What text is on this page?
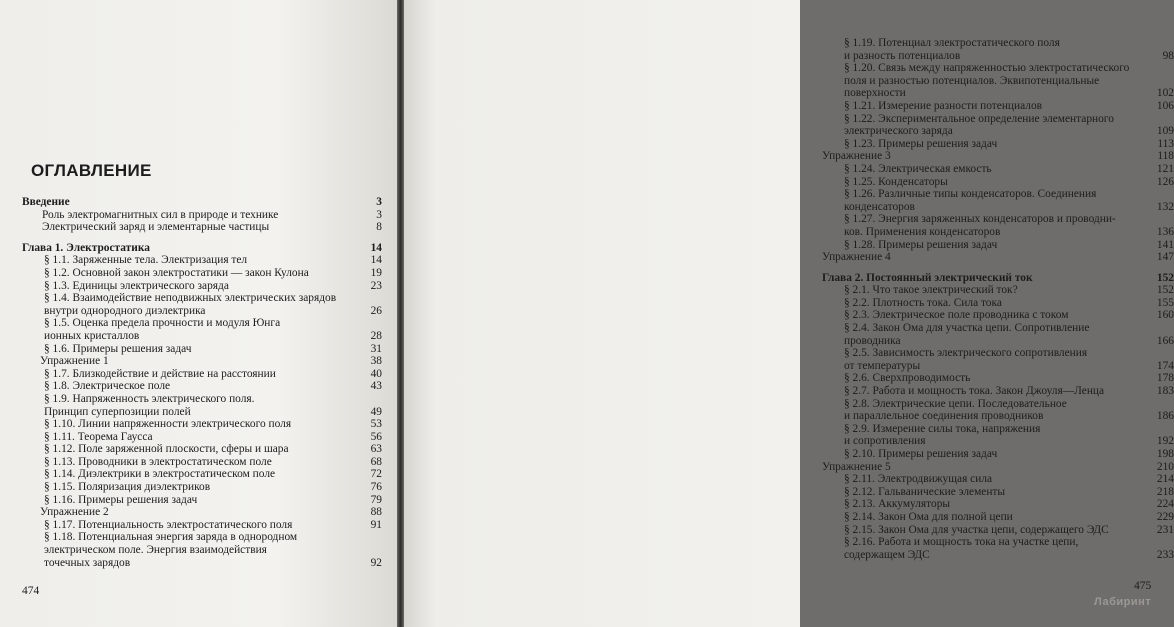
ОГЛАВЛЕНИЕ
Введение	3
Роль электромагнитных сил в природе и технике	3
Электрический заряд и элементарные частицы	8
Глава 1. Электростатика	14
§ 1.1. Заряженные тела. Электризация тел	14
§ 1.2. Основной закон электростатики — закон Кулона	19
§ 1.3. Единицы электрического заряда	23
§ 1.4. Взаимодействие неподвижных электрических зарядов
внутри однородного диэлектрика	26
§ 1.5. Оценка предела прочности и модуля Юнга
ионных кристаллов	28
§ 1.6. Примеры решения задач	31
Упражнение 1	38
§ 1.7. Близкодействие и действие на расстоянии	40
§ 1.8. Электрическое поле	43
§ 1.9. Напряженность электрического поля.
Принцип суперпозиции полей	49
§ 1.10. Линии напряженности электрического поля	53
§ 1.11. Теорема Гаусса	56
§ 1.12. Поле заряженной плоскости, сферы и шара	63
§ 1.13. Проводники в электростатическом поле	68
§ 1.14. Диэлектрики в электростатическом поле	72
§ 1.15. Поляризация диэлектриков	76
§ 1.16. Примеры решения задач	79
Упражнение 2	88
§ 1.17. Потенциальность электростатического поля	91
§ 1.18. Потенциальная энергия заряда в однородном
электрическом поле. Энергия взаимодействия
точечных зарядов	92
474
§ 1.19. Потенциал электростатического поля
и разность потенциалов	98
§ 1.20. Связь между напряженностью электростатического
поля и разностью потенциалов. Эквипотенциальные
поверхности	102
§ 1.21. Измерение разности потенциалов	106
§ 1.22. Экспериментальное определение элементарного
электрического заряда	109
§ 1.23. Примеры решения задач	113
Упражнение 3	118
§ 1.24. Электрическая емкость	121
§ 1.25. Конденсаторы	126
§ 1.26. Различные типы конденсаторов. Соединения
конденсаторов	132
§ 1.27. Энергия заряженных конденсаторов и проводни-
ков. Применения конденсаторов	136
§ 1.28. Примеры решения задач	141
Упражнение 4	147
Глава 2. Постоянный электрический ток	152
§ 2.1. Что такое электрический ток?	152
§ 2.2. Плотность тока. Сила тока	155
§ 2.3. Электрическое поле проводника с током	160
§ 2.4. Закон Ома для участка цепи. Сопротивление
проводника	166
§ 2.5. Зависимость электрического сопротивления
от температуры	174
§ 2.6. Сверхпроводимость	178
§ 2.7. Работа и мощность тока. Закон Джоуля—Ленца	183
§ 2.8. Электрические цепи. Последовательное
и параллельное соединения проводников	186
§ 2.9. Измерение силы тока, напряжения
и сопротивления	192
§ 2.10. Примеры решения задач	198
Упражнение 5	210
§ 2.11. Электродвижущая сила	214
§ 2.12. Гальванические элементы	218
§ 2.13. Аккумуляторы	224
§ 2.14. Закон Ома для полной цепи	229
§ 2.15. Закон Ома для участка цепи, содержащего ЭДС	231
§ 2.16. Работа и мощность тока на участке цепи,
содержащем ЭДС	233
475
Лабиринт
